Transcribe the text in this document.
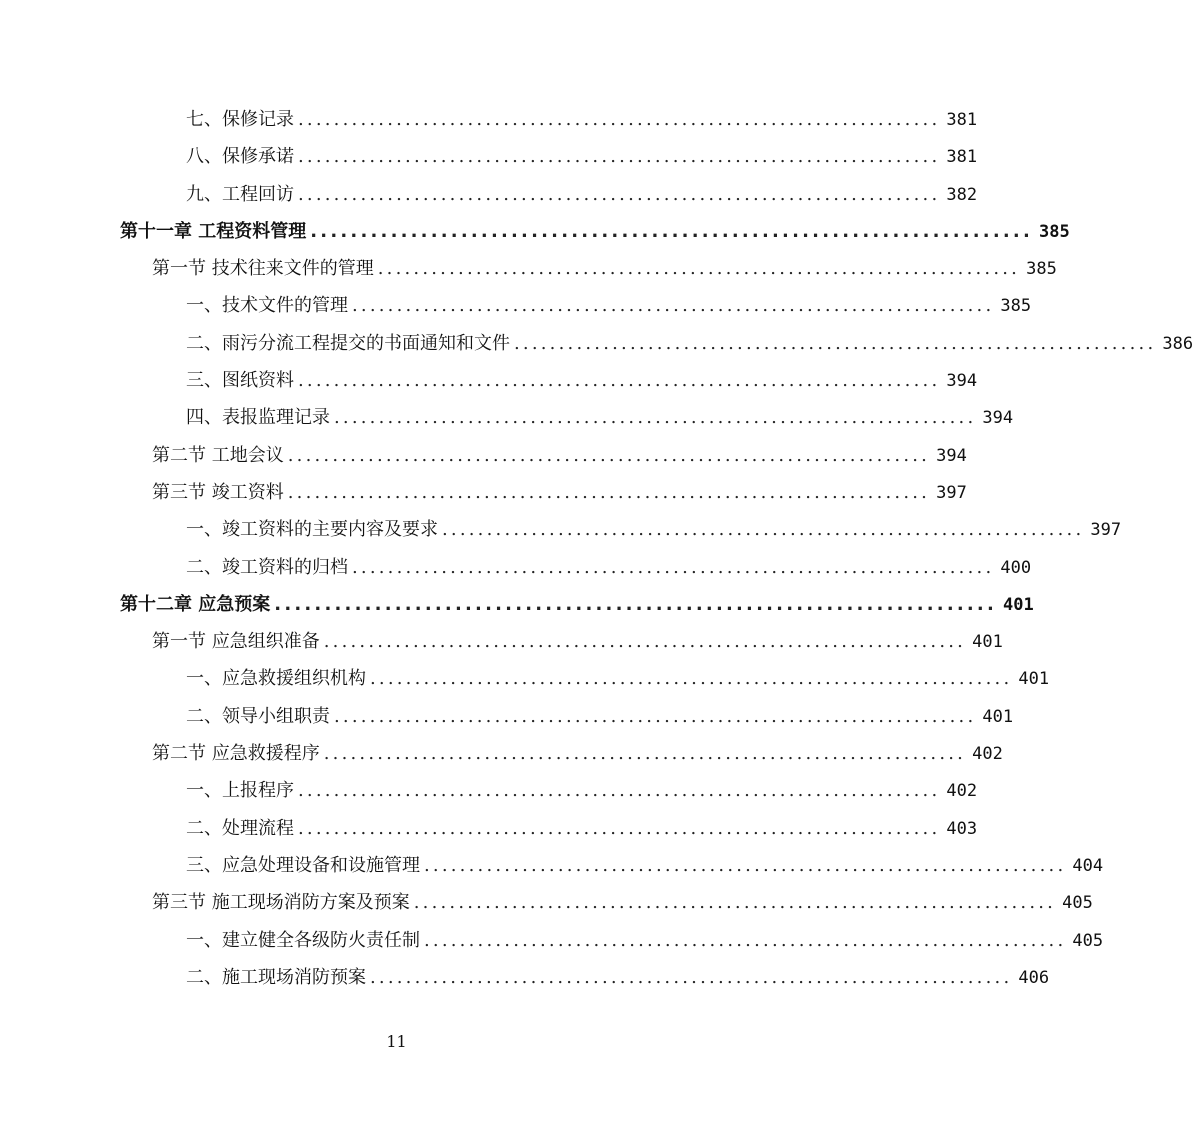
七、保修记录 ........................................................................ 381
八、保修承诺 ........................................................................ 381
九、工程回访 ........................................................................ 382
第十一章 工程资料管理 ........................................................................ 385
第一节 技术往来文件的管理 ........................................................................ 385
一、技术文件的管理 ........................................................................ 385
二、雨污分流工程提交的书面通知和文件 ........................................................................ 386
三、图纸资料 ........................................................................ 394
四、表报监理记录 ........................................................................ 394
第二节 工地会议 ........................................................................ 394
第三节 竣工资料 ........................................................................ 397
一、竣工资料的主要内容及要求 ........................................................................ 397
二、竣工资料的归档 ........................................................................ 400
第十二章 应急预案 ........................................................................ 401
第一节 应急组织准备 ........................................................................ 401
一、应急救援组织机构 ........................................................................ 401
二、领导小组职责 ........................................................................ 401
第二节 应急救援程序 ........................................................................ 402
一、上报程序 ........................................................................ 402
二、处理流程 ........................................................................ 403
三、应急处理设备和设施管理 ........................................................................ 404
第三节 施工现场消防方案及预案 ........................................................................ 405
一、建立健全各级防火责任制 ........................................................................ 405
二、施工现场消防预案 ........................................................................ 406
11
